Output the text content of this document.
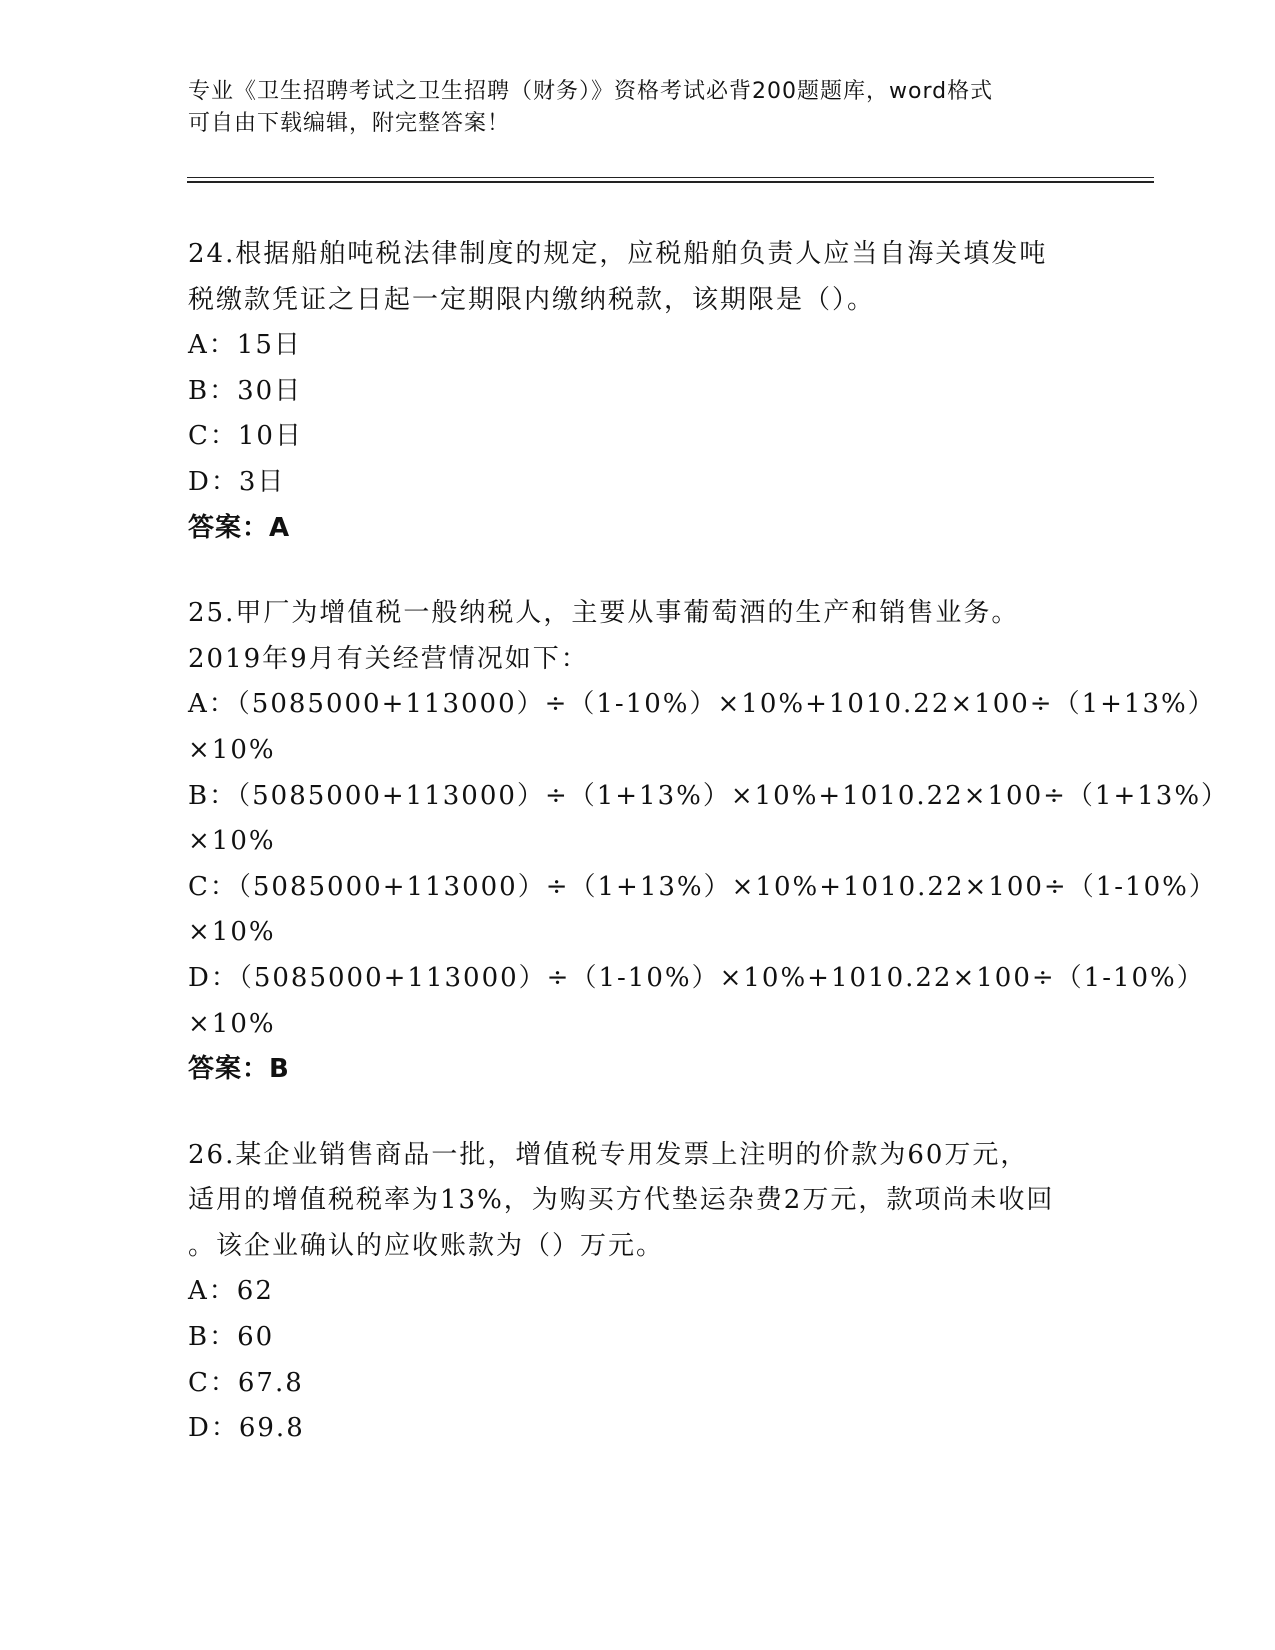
专业《卫生招聘考试之卫生招聘（财务）》资格考试必背200题题库，word格式
可自由下载编辑，附完整答案！
24.根据船舶吨税法律制度的规定，应税船舶负责人应当自海关填发吨
税缴款凭证之日起一定期限内缴纳税款，该期限是（）。
A：15日
B：30日
C：10日
D：3日
答案：A
25.甲厂为增值税一般纳税人，主要从事葡萄酒的生产和销售业务。
2019年9月有关经营情况如下：
A：（5085000+113000）÷（1-10%）×10%+1010.22×100÷（1+13%）
×10%
B：（5085000+113000）÷（1+13%）×10%+1010.22×100÷（1+13%）
×10%
C：（5085000+113000）÷（1+13%）×10%+1010.22×100÷（1-10%）
×10%
D：（5085000+113000）÷（1-10%）×10%+1010.22×100÷（1-10%）
×10%
答案：B
26.某企业销售商品一批，增值税专用发票上注明的价款为60万元，
适用的增值税税率为13%，为购买方代垫运杂费2万元，款项尚未收回
。该企业确认的应收账款为（）万元。
A：62
B：60
C：67.8
D：69.8
